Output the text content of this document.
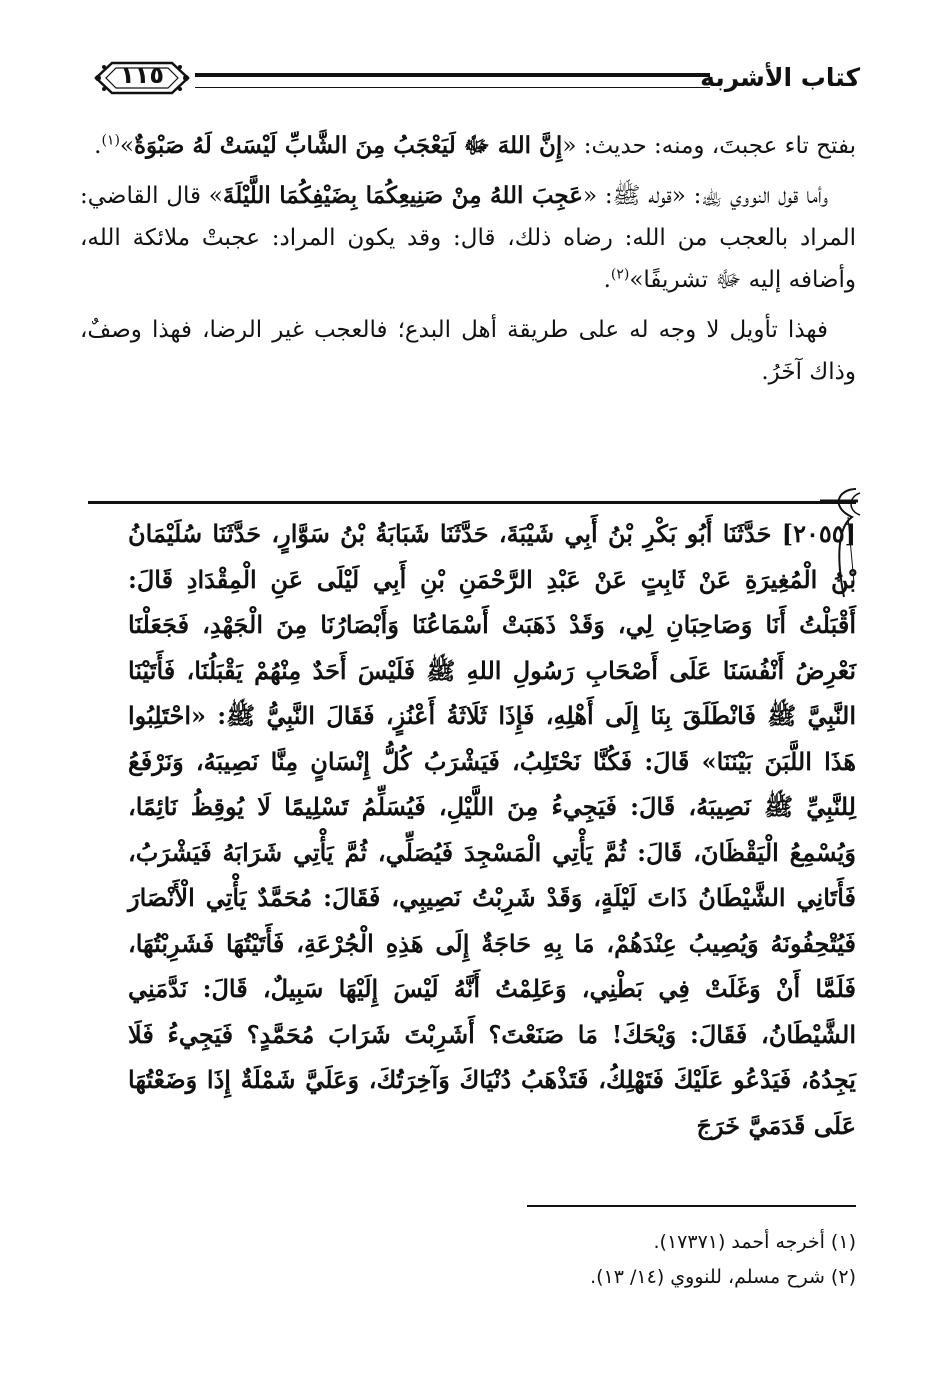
كتاب الأشربة
١١٥

بفتح تاء عجبتَ، ومنه: حديث: «إِنَّ اللهَ ﷻ لَيَعْجَبُ مِنَ الشَّابِّ لَيْسَتْ لَهُ صَبْوَةٌ»$^{(١)}$.

وأما قول النووي ﵀: «قوله ﷺ: «عَجِبَ اللهُ مِنْ صَنِيعِكُمَا بِضَيْفِكُمَا اللَّيْلَةَ» قال القاضي: المراد بالعجب من الله: رضاه ذلك، قال: وقد يكون المراد: عجبتْ ملائكة الله، وأضافه إليه ﷻ تشريفًا»$^{(٢)}$.

فهذا تأويل لا وجه له على طريقة أهل البدع؛ فالعجب غير الرضا، فهذا وصفٌ، وذاك آخَرُ.

[٢٠٥٥] حَدَّثَنَا أَبُو بَكْرِ بْنُ أَبِي شَيْبَةَ، حَدَّثَنَا شَبَابَةُ بْنُ سَوَّارٍ، حَدَّثَنَا سُلَيْمَانُ بْنُ الْمُغِيرَةِ عَنْ ثَابِتٍ عَنْ عَبْدِ الرَّحْمَنِ بْنِ أَبِي لَيْلَى عَنِ الْمِقْدَادِ قَالَ: أَقْبَلْتُ أَنَا وَصَاحِبَانِ لِي، وَقَدْ ذَهَبَتْ أَسْمَاعُنَا وَأَبْصَارُنَا مِنَ الْجَهْدِ، فَجَعَلْنَا نَعْرِضُ أَنْفُسَنَا عَلَى أَصْحَابِ رَسُولِ اللهِ ﷺ فَلَيْسَ أَحَدٌ مِنْهُمْ يَقْبَلُنَا، فَأَتَيْنَا النَّبِيَّ ﷺ فَانْطَلَقَ بِنَا إِلَى أَهْلِهِ، فَإِذَا ثَلَاثَةُ أَعْنُزٍ، فَقَالَ النَّبِيُّ ﷺ: «احْتَلِبُوا هَذَا اللَّبَنَ بَيْنَنَا» قَالَ: فَكُنَّا نَحْتَلِبُ، فَيَشْرَبُ كُلُّ إِنْسَانٍ مِنَّا نَصِيبَهُ، وَنَرْفَعُ لِلنَّبِيِّ ﷺ نَصِيبَهُ، قَالَ: فَيَجِيءُ مِنَ اللَّيْلِ، فَيُسَلِّمُ تَسْلِيمًا لَا يُوقِظُ نَائِمًا، وَيُسْمِعُ الْيَقْظَانَ، قَالَ: ثُمَّ يَأْتِي الْمَسْجِدَ فَيُصَلِّي، ثُمَّ يَأْتِي شَرَابَهُ فَيَشْرَبُ، فَأَتَانِي الشَّيْطَانُ ذَاتَ لَيْلَةٍ، وَقَدْ شَرِبْتُ نَصِيبِي، فَقَالَ: مُحَمَّدٌ يَأْتِي الْأَنْصَارَ فَيُتْحِفُونَهُ وَيُصِيبُ عِنْدَهُمْ، مَا بِهِ حَاجَةٌ إِلَى هَذِهِ الْجُرْعَةِ، فَأَتَيْتُهَا فَشَرِبْتُهَا، فَلَمَّا أَنْ وَغَلَتْ فِي بَطْنِي، وَعَلِمْتُ أَنَّهُ لَيْسَ إِلَيْهَا سَبِيلٌ، قَالَ: نَدَّمَنِي الشَّيْطَانُ، فَقَالَ: وَيْحَكَ! مَا صَنَعْتَ؟ أَشَرِبْتَ شَرَابَ مُحَمَّدٍ؟ فَيَجِيءُ فَلَا يَجِدُهُ، فَيَدْعُو عَلَيْكَ فَتَهْلِكُ، فَتَذْهَبُ دُنْيَاكَ وَآخِرَتُكَ، وَعَلَيَّ شَمْلَةٌ إِذَا وَضَعْتُهَا عَلَى قَدَمَيَّ خَرَجَ
(١) أخرجه أحمد (١٧٣٧١).
(٢) شرح مسلم، للنووي (١٤/ ١٣).
